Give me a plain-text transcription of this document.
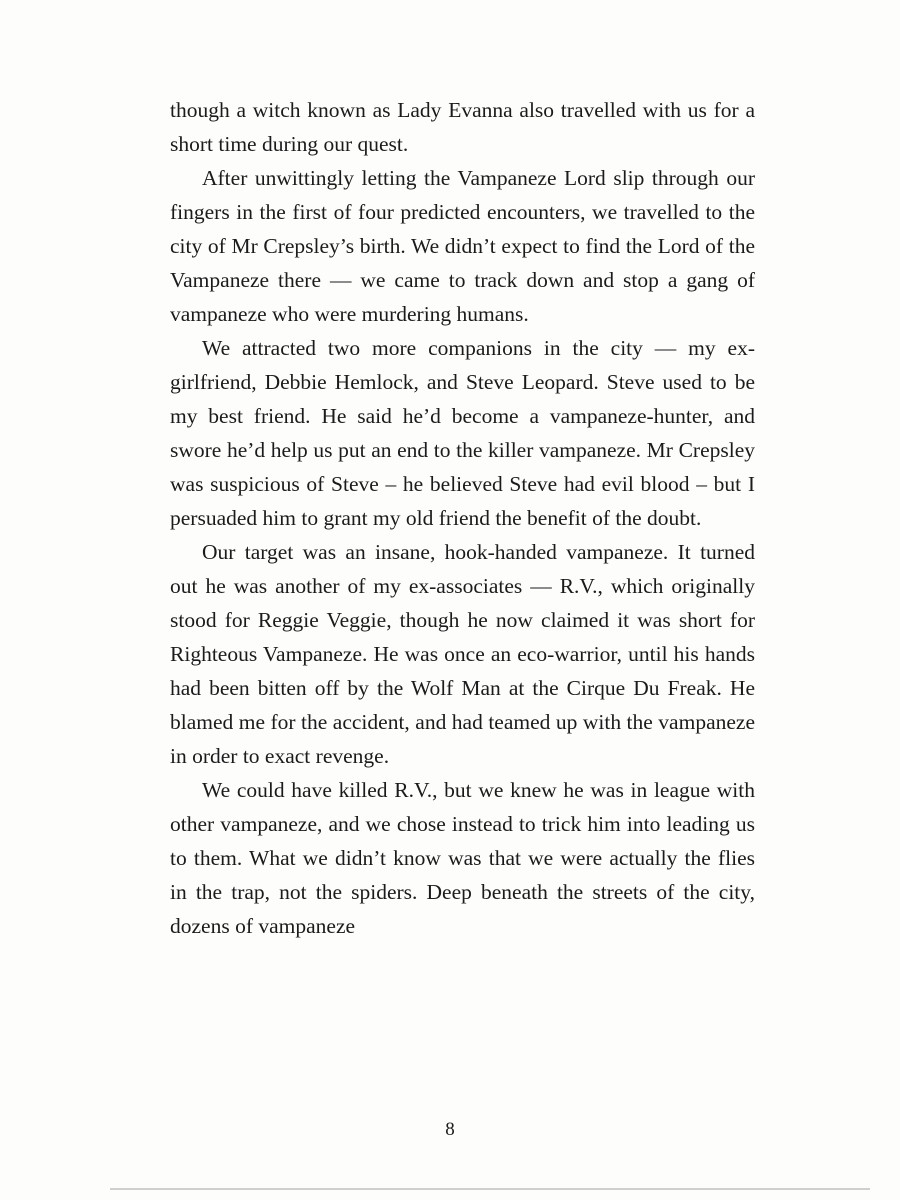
though a witch known as Lady Evanna also travelled with us for a short time during our quest.

After unwittingly letting the Vampaneze Lord slip through our fingers in the first of four predicted encounters, we travelled to the city of Mr Crepsley’s birth. We didn’t expect to find the Lord of the Vampaneze there — we came to track down and stop a gang of vampaneze who were murdering humans.

We attracted two more companions in the city — my ex-girlfriend, Debbie Hemlock, and Steve Leopard. Steve used to be my best friend. He said he’d become a vampaneze-hunter, and swore he’d help us put an end to the killer vampaneze. Mr Crepsley was suspicious of Steve – he believed Steve had evil blood – but I persuaded him to grant my old friend the benefit of the doubt.

Our target was an insane, hook-handed vampaneze. It turned out he was another of my ex-associates — R.V., which originally stood for Reggie Veggie, though he now claimed it was short for Righteous Vampaneze. He was once an eco-warrior, until his hands had been bitten off by the Wolf Man at the Cirque Du Freak. He blamed me for the accident, and had teamed up with the vampaneze in order to exact revenge.

We could have killed R.V., but we knew he was in league with other vampaneze, and we chose instead to trick him into leading us to them. What we didn’t know was that we were actually the flies in the trap, not the spiders. Deep beneath the streets of the city, dozens of vampaneze

8
